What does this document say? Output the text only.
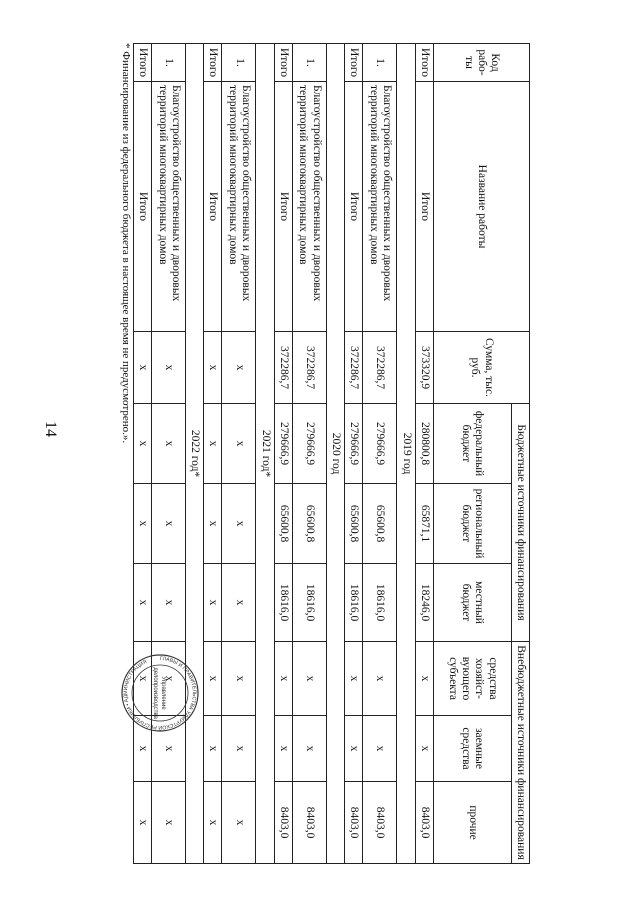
14
Код рабо-ты	Название работы	Сумма, тыс. руб.	Бюджетные источники финансирования			Внебюджетные источники финансирования		
			федеральный бюджет	региональный бюджет	местный бюджет	средства хозяйст-вующего субъекта	заемные средства	прочие
Итого	Итого	373320,9	280800,8	65871,1	18246,0	x	x	8403,0
2019 год								
1.	Благоустройство общественных и дворовых территорий многоквартирных домов	372286,7	279666,9	65600,8	18616,0	x	x	8403,0
Итого	Итого	372286,7	279666,9	65600,8	18616,0	x	x	8403,0
2020 год								
1.	Благоустройство общественных и дворовых территорий многоквартирных домов	372286,7	279666,9	65600,8	18616,0	x	x	8403,0
Итого	Итого	372286,7	279666,9	65600,8	18616,0	x	x	8403,0
2021 год*								
1.	Благоустройство общественных и дворовых территорий многоквартирных домов	x	x	x	x	x	x	x
Итого	Итого	x	x	x	x	x	x	x
2022 год*								
1.	Благоустройство общественных и дворовых территорий многоквартирных домов	x	x	x	x	x	x	x
Итого	Итого	x	x	x	x	x	x	x
* Финансирование из федерального бюджета в настоящее время не предусмотрено.».
ГЛАВЫ И ПРАВИТЕЛЬСТВА УДМУРТСКОЙ РЕСПУБЛИКИ • АДМИНИСТРАЦИЯ
Управление
делопроизводства
